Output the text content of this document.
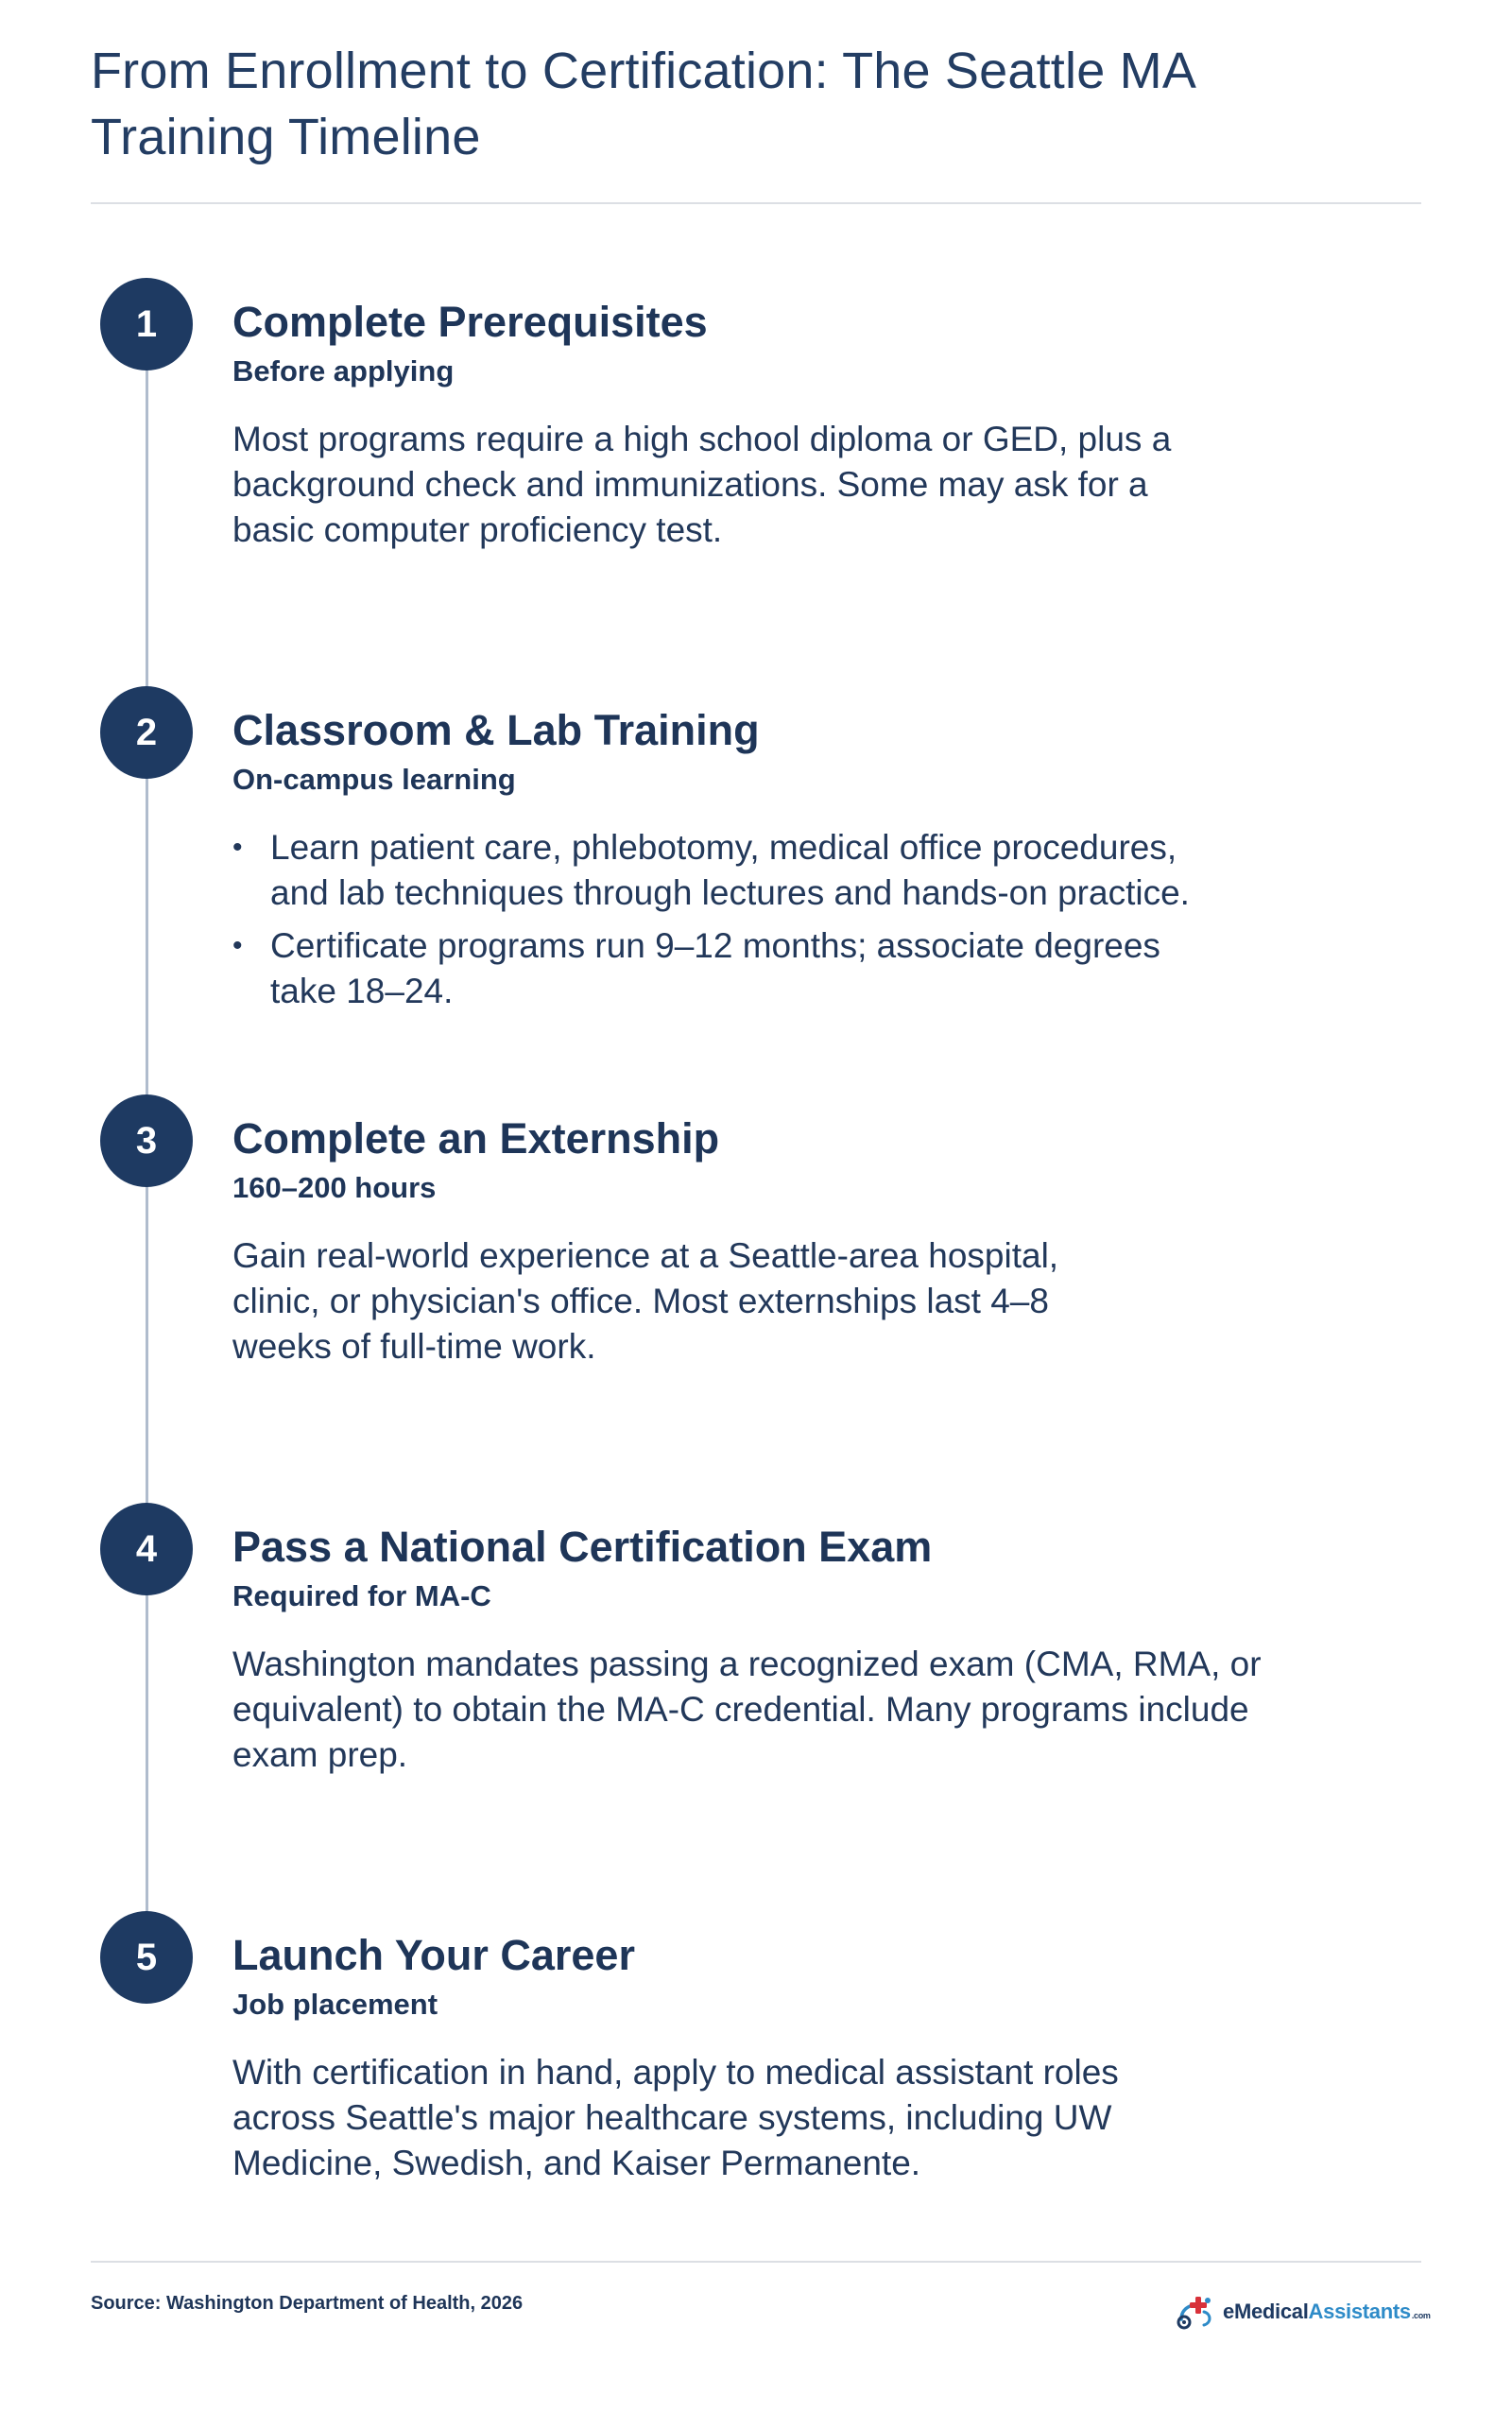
From Enrollment to Certification: The Seattle MA Training Timeline
1	Complete Prerequisites
Before applying

Most programs require a high school diploma or GED, plus a background check and immunizations. Some may ask for a basic computer proficiency test.

2	Classroom & Lab Training
On-campus learning
• Learn patient care, phlebotomy, medical office procedures, and lab techniques through lectures and hands-on practice.
• Certificate programs run 9–12 months; associate degrees take 18–24.
3	Complete an Externship
160–200 hours

Gain real-world experience at a Seattle-area hospital, clinic, or physician's office. Most externships last 4–8 weeks of full-time work.

4	Pass a National Certification Exam
Required for MA-C

Washington mandates passing a recognized exam (CMA, RMA, or equivalent) to obtain the MA-C credential. Many programs include exam prep.

5	Launch Your Career
Job placement

With certification in hand, apply to medical assistant roles across Seattle's major healthcare systems, including UW Medicine, Swedish, and Kaiser Permanente.

Source: Washington Department of Health, 2026	eMedicalAssistants.com
